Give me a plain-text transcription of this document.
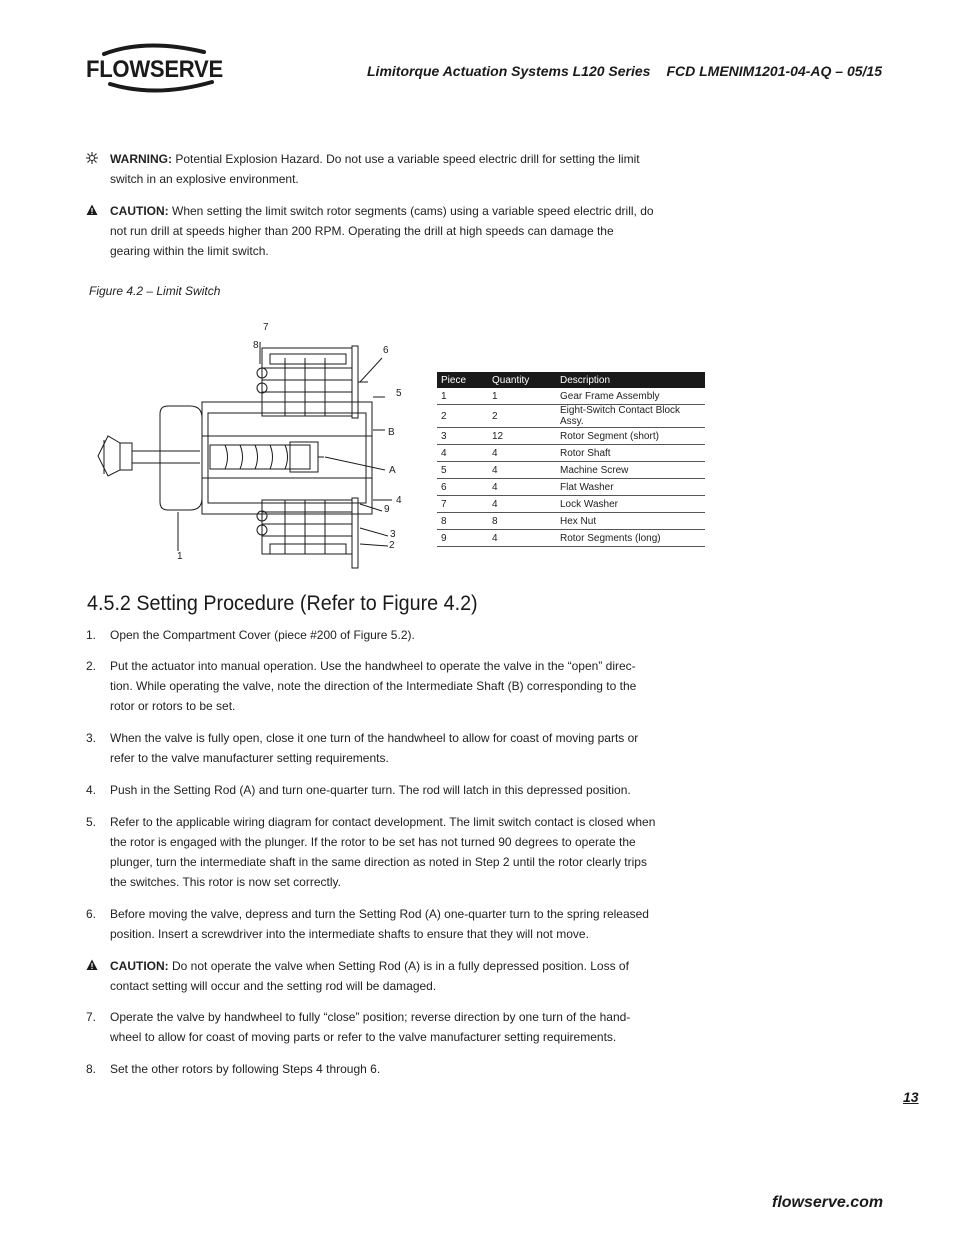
FLOWSERVE	Limitorque Actuation Systems L120 Series FCD LMENIM1201-04-AQ – 05/15
WARNING: Potential Explosion Hazard. Do not use a variable speed electric drill for setting the limit switch in an explosive environment.
CAUTION: When setting the limit switch rotor segments (cams) using a variable speed electric drill, do not run drill at speeds higher than 200 RPM. Operating the drill at high speeds can damage the gearing within the limit switch.
Figure 4.2 – Limit Switch
7
8	6
5
B
A
4
9
3
2
1
Piece	Quantity	Description
1	1	Gear Frame Assembly
2	2	Eight-Switch Contact Block Assy.
3	12	Rotor Segment (short)
4	4	Rotor Shaft
5	4	Machine Screw
6	4	Flat Washer
7	4	Lock Washer
8	8	Hex Nut
9	4	Rotor Segments (long)
4.5.2 Setting Procedure (Refer to Figure 4.2)
1. Open the Compartment Cover (piece #200 of Figure 5.2).
2. Put the actuator into manual operation. Use the handwheel to operate the valve in the “open” direc-tion. While operating the valve, note the direction of the Intermediate Shaft (B) corresponding to the rotor or rotors to be set.
3. When the valve is fully open, close it one turn of the handwheel to allow for coast of moving parts or refer to the valve manufacturer setting requirements.
4. Push in the Setting Rod (A) and turn one-quarter turn. The rod will latch in this depressed position.
5. Refer to the applicable wiring diagram for contact development. The limit switch contact is closed when the rotor is engaged with the plunger. If the rotor to be set has not turned 90 degrees to operate the plunger, turn the intermediate shaft in the same direction as noted in Step 2 until the rotor clearly trips the switches. This rotor is now set correctly.
6. Before moving the valve, depress and turn the Setting Rod (A) one-quarter turn to the spring released position. Insert a screwdriver into the intermediate shafts to ensure that they will not move.
CAUTION: Do not operate the valve when Setting Rod (A) is in a fully depressed position. Loss of contact setting will occur and the setting rod will be damaged.
7. Operate the valve by handwheel to fully “close” position; reverse direction by one turn of the hand-wheel to allow for coast of moving parts or refer to the valve manufacturer setting requirements.
8. Set the other rotors by following Steps 4 through 6.
13
flowserve.com
